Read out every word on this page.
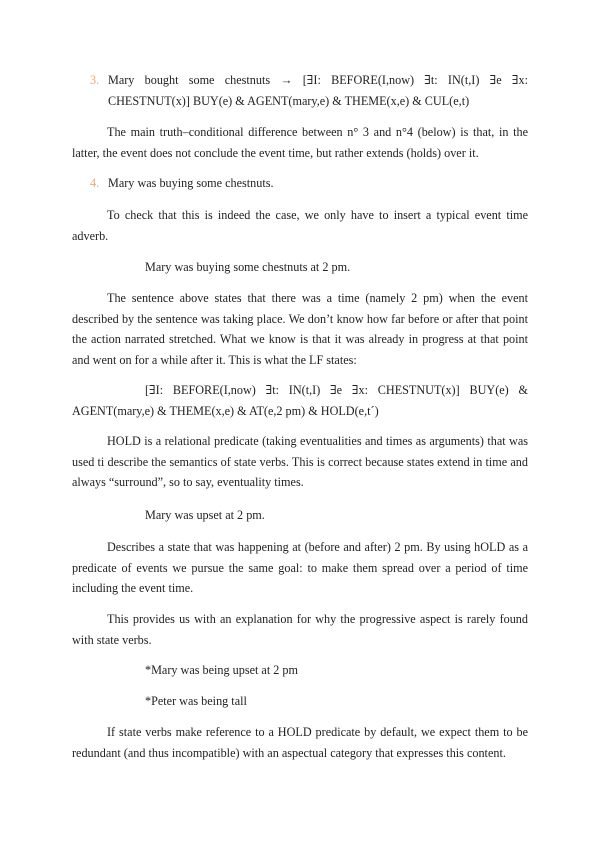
3. Mary bought some chestnuts → [∃I: BEFORE(I,now) ∃t: IN(t,I) ∃e ∃x: CHESTNUT(x)] BUY(e) & AGENT(mary,e) & THEME(x,e) & CUL(e,t)

The main truth–conditional difference between n° 3 and n°4 (below) is that, in the latter, the event does not conclude the event time, but rather extends (holds) over it.

4. Mary was buying some chestnuts.

To check that this is indeed the case, we only have to insert a typical event time adverb.

Mary was buying some chestnuts at 2 pm.

The sentence above states that there was a time (namely 2 pm) when the event described by the sentence was taking place. We don’t know how far before or after that point the action narrated stretched. What we know is that it was already in progress at that point and went on for a while after it. This is what the LF states:

[∃I: BEFORE(I,now) ∃t: IN(t,I) ∃e ∃x: CHESTNUT(x)] BUY(e) & AGENT(mary,e) & THEME(x,e) & AT(e,2 pm) & HOLD(e,t´)

HOLD is a relational predicate (taking eventualities and times as arguments) that was used ti describe the semantics of state verbs. This is correct because states extend in time and always “surround”, so to say, eventuality times.

Mary was upset at 2 pm.

Describes a state that was happening at (before and after) 2 pm. By using hOLD as a predicate of events we pursue the same goal: to make them spread over a period of time including the event time.

This provides us with an explanation for why the progressive aspect is rarely found with state verbs.

*Mary was being upset at 2 pm
*Peter was being tall

If state verbs make reference to a HOLD predicate by default, we expect them to be redundant (and thus incompatible) with an aspectual category that expresses this content.
